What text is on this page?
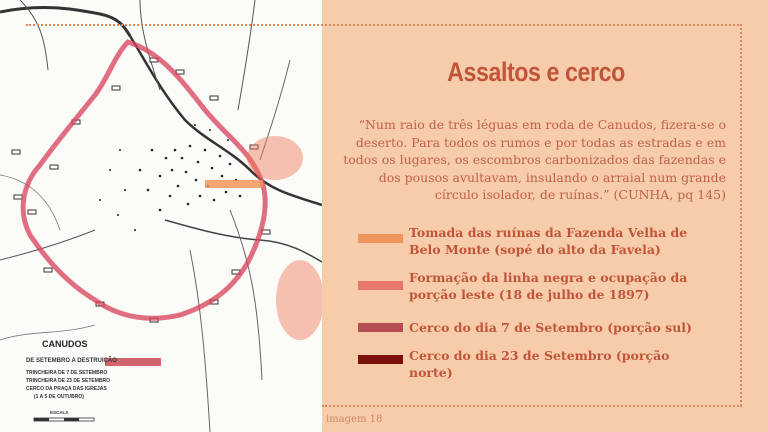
CANUDOS
DE SETEMBRO A DESTRUIÇÃO
TRINCHEIRA DE 7 DE SETEMBRO
TRINCHEIRA DE 23 DE SETEMBRO
CERCO DA PRAÇA DAS IGREJAS
(1 A 5 DE OUTUBRO)
ESCALA
Assaltos e cerco
“Num raio de três léguas em roda de Canudos, fizera-se o deserto. Para todos os rumos e por todas as estradas e em todos os lugares, os escombros carbonizados das fazendas e dos pousos avultavam, insulando o arraial num grande círculo isolador, de ruínas.” (CUNHA, pq 145)
Tomada das ruínas da Fazenda Velha de Belo Monte (sopé do alto da Favela)
Formação da linha negra e ocupação da porção leste (18 de julho de 1897)
Cerco do dia 7 de Setembro (porção sul)
Cerco do dia 23 de Setembro (porção norte)
imagem 18
